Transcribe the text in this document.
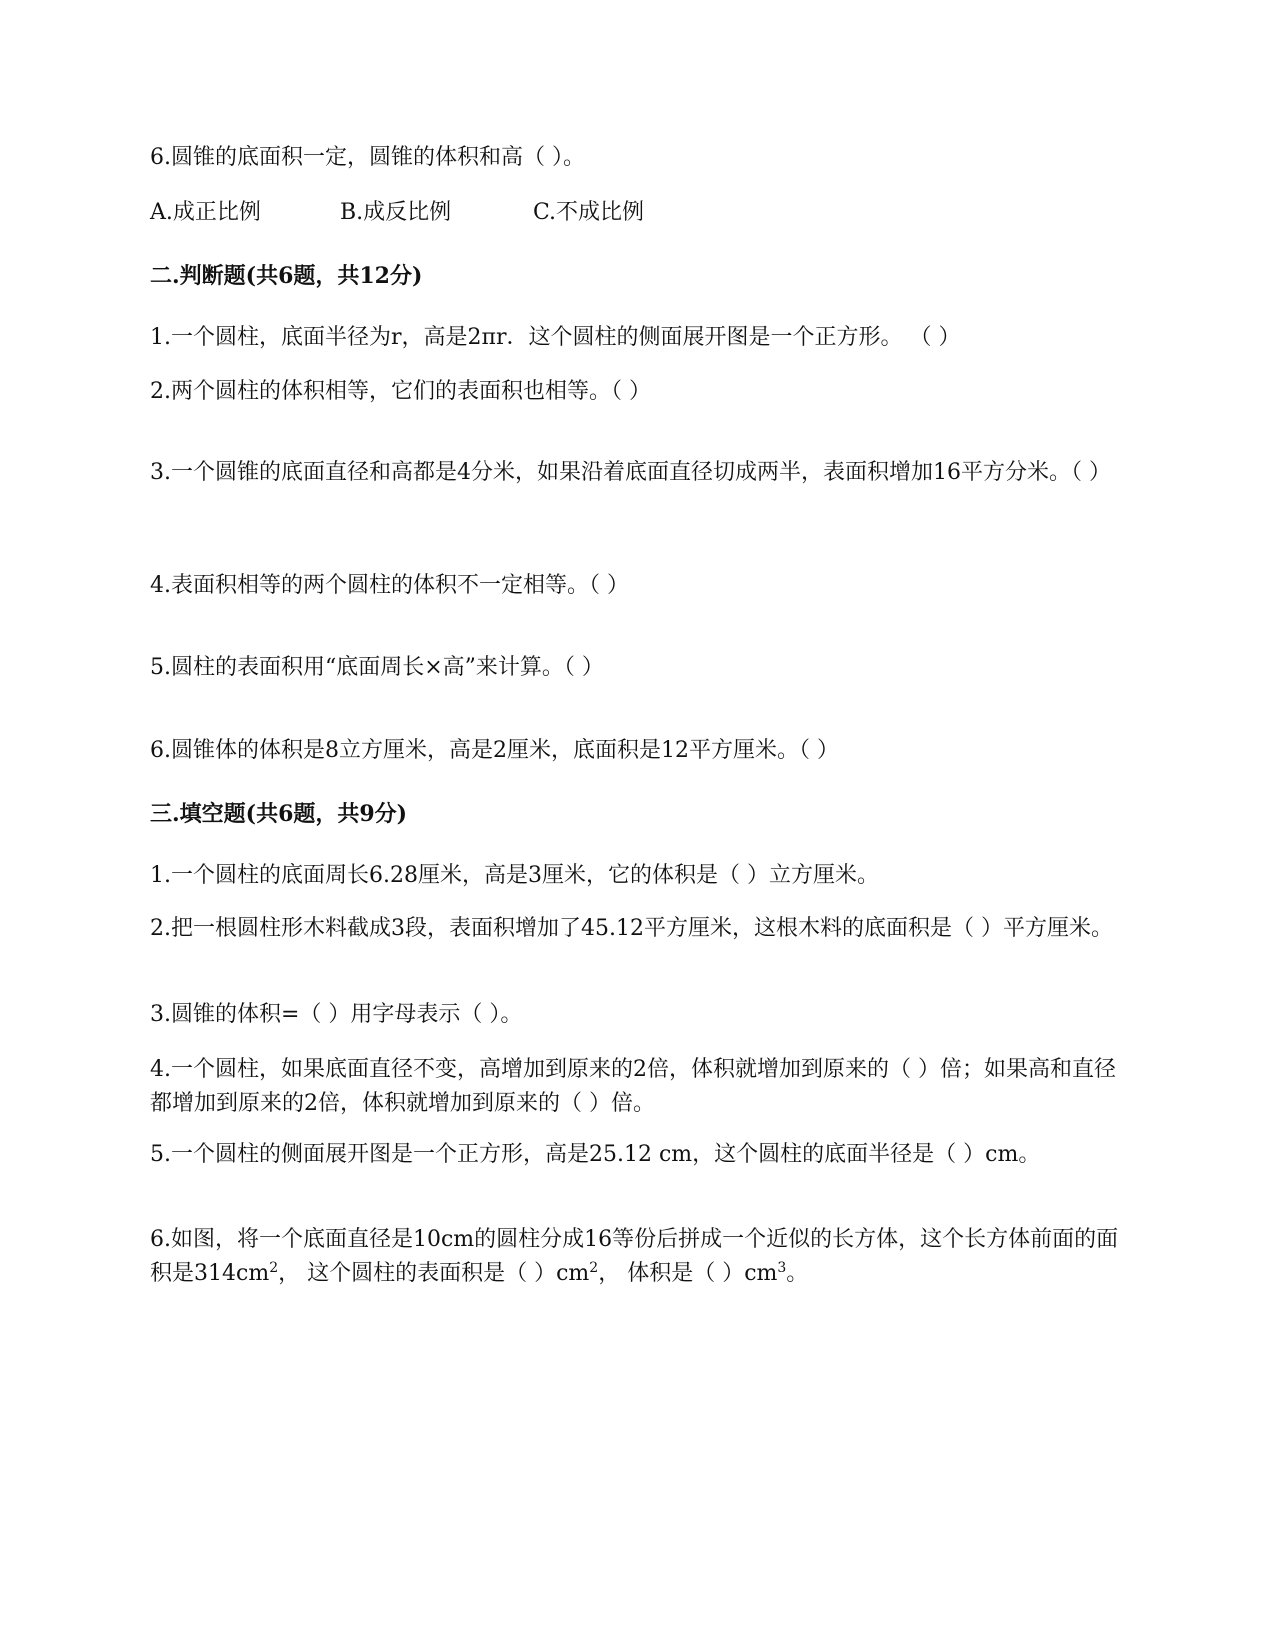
6.圆锥的底面积一定，圆锥的体积和高（ ）。
A.成正比例	B.成反比例	C.不成比例
二.判断题(共6题，共12分)
1.一个圆柱，底面半径为r，高是2πr．这个圆柱的侧面展开图是一个正方形。 （ ）
2.两个圆柱的体积相等，它们的表面积也相等。（ ）
3.一个圆锥的底面直径和高都是4分米，如果沿着底面直径切成两半，表面积增加16平方分米。（ ）
4.表面积相等的两个圆柱的体积不一定相等。（ ）
5.圆柱的表面积用“底面周长×高”来计算。（ ）
6.圆锥体的体积是8立方厘米，高是2厘米，底面积是12平方厘米。（ ）
三.填空题(共6题，共9分)
1.一个圆柱的底面周长6.28厘米，高是3厘米，它的体积是（ ）立方厘米。
2.把一根圆柱形木料截成3段，表面积增加了45.12平方厘米，这根木料的底面积是（ ）平方厘米。
3.圆锥的体积=（ ）用字母表示（ ）。
4.一个圆柱，如果底面直径不变，高增加到原来的2倍，体积就增加到原来的（ ）倍；如果高和直径都增加到原来的2倍，体积就增加到原来的（ ）倍。
5.一个圆柱的侧面展开图是一个正方形，高是25.12 cm，这个圆柱的底面半径是（ ）cm。
6.如图，将一个底面直径是10cm的圆柱分成16等份后拼成一个近似的长方体，这个长方体前面的面积是$314cm^2$， 这个圆柱的表面积是（ ）$cm^2$， 体积是（ ）$cm^3$。
